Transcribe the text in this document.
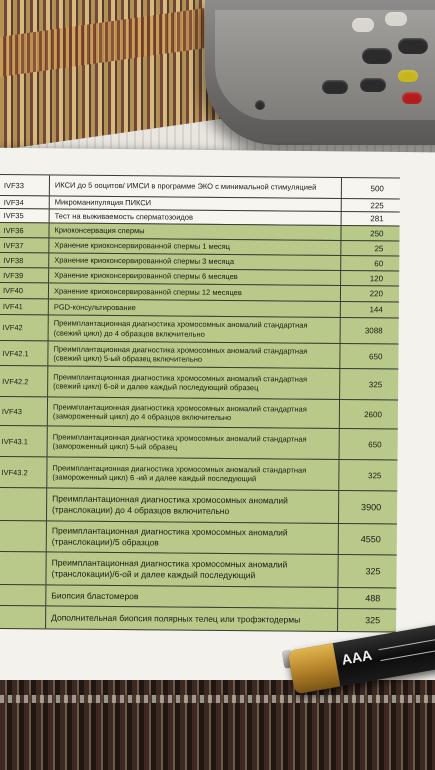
IVF33	ИКСИ до 5 ооцитов/ ИМСИ в программе ЭКО с минимальной стимуляцией	500
IVF34	Микроманипуляция ПИКСИ	225
IVF35	Тест на выживаемость сперматозоидов	281
IVF36	Криоконсервация спермы	250
IVF37	Хранение криоконсервированной спермы 1 месяц	25
IVF38	Хранение криоконсервированной спермы 3 месяца	60
IVF39	Хранение криоконсервированной спермы 6 месяцев	120
IVF40	Хранение криоконсервированной спермы 12 месяцев	220
IVF41	PGD-консультирование	144
IVF42	Преимплантационная диагностика хромосомных аномалий стандартная (свежий цикл) до 4 образцов включительно	3088
IVF42.1	Преимплантационная диагностика хромосомных аномалий стандартная (свежий цикл) 5-ый образец включительно	650
IVF42.2	Преимплантационная диагностика хромосомных аномалий стандартная (свежий цикл) 6-ой и далее каждый последующий образец	325
IVF43	Преимплантационная диагностика хромосомных аномалий стандартная (замороженный цикл) до 4 образцов включительно	2600
IVF43.1	Преимплантационная диагностика хромосомных аномалий стандартная (замороженный цикл) 5-ый образец	650
IVF43.2	Преимплантационная диагностика хромосомных аномалий стандартная (замороженный цикл) 6 -ий и далее каждый последующий	325
Преимплантационная диагностика хромосомных аномалий (транслокации) до 4 образцов включительно	3900
Преимплантационная диагностика хромосомных аномалий (транслокации)/5 образцов	4550
Преимплантационная диагностика хромосомных аномалий (транслокации)/6-ой и далее каждый последующий	325
Биопсия бластомеров	488
Дополнительная биопсия полярных телец или трофэктодермы	325
AAA
